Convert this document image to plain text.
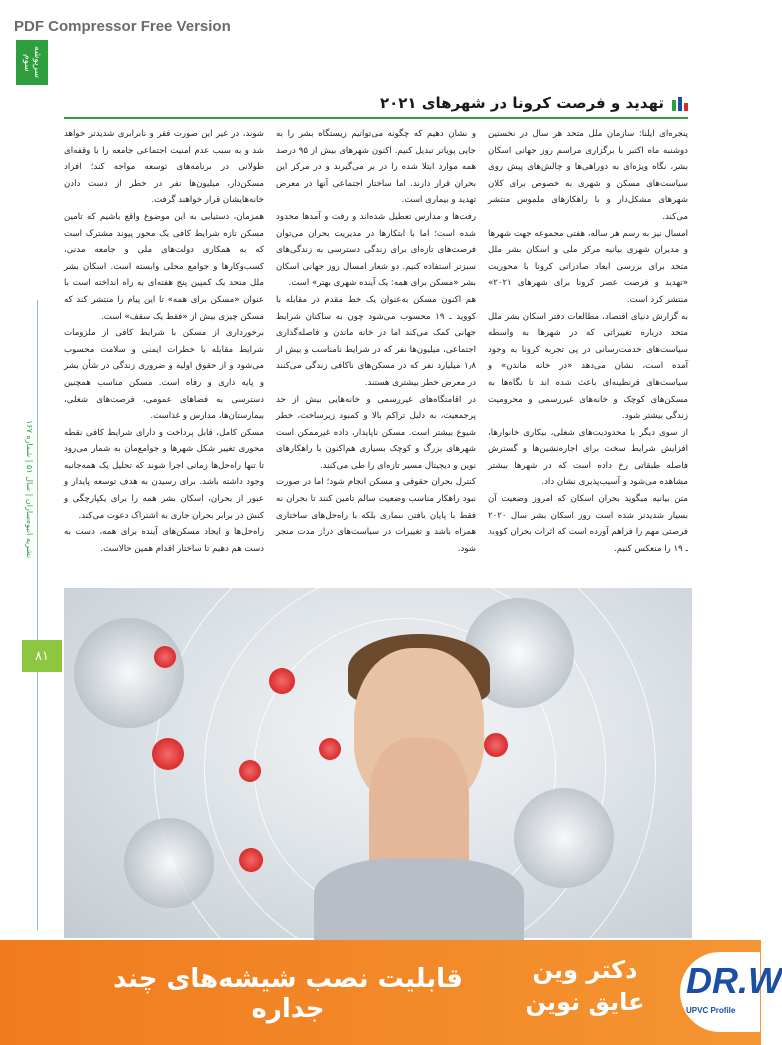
PDF Compressor Free Version
سرپوشه سوم
نشریه انبوه‌سازان | سال ۵۱ | شماره ۱۶۷
۸۱
تهدید و فرصت کرونا در شهرهای ۲۰۲۱

پنجره‌ای ایلنا: سازمان ملل متحد هر سال در نخستین دوشنبه ماه اکتبر با برگزاری مراسم روز جهانی اسکان بشر، نگاه ویژه‌ای به دوراهی‌ها و چالش‌های پیش روی سیاست‌های مسکن و شهری به خصوص برای کلان شهرهای مشکل‌دار و با راهکارهای ملموس منتشر می‌کند.

امسال نیز به رسم هر ساله، هفتی مجموعه جهت شهرها و مدیران شهری بیانیه مرکز ملی و اسکان بشر ملل متحد برای بررسی ابعاد صادراتی کرونا با محوریت «تهدید و فرصت عصر کرونا برای شهرهای ۲۰۲۱» منتشر کرد است.

به گزارش دنیای اقتصاد، مطالعات دفتر اسکان بشر ملل متحد درباره تغییراتی که در شهرها به واسطه سیاست‌های خدمت‌رسانی در پی تجربه کرونا به وجود آمده است، نشان می‌دهد «در خانه ماندن» و سیاست‌های قرنطینه‌ای باعث شده اند تا نگاه‌ها به مسکن‌های کوچک و خانه‌های غیررسمی و محرومیت زندگی بیشتر شود.

از سوی دیگر با محدودیت‌های شغلی، بیکاری خانوارها، افزایش شرایط سخت برای اجاره‌نشین‌ها و گسترش فاصله طبقاتی رخ داده است که در شهرها بیشتر مشاهده می‌شود و آسیب‌پذیری نشان داد.

متن بیانیه میگوید بحران اسکان که امروز وضعیت آن بسیار شدیدتر شده است روز اسکان بشر سال ۲۰۲۰ فرصتی مهم را فراهم آورده است که اثرات بحران کووید ـ ۱۹ را منعکس کنیم.

و نشان دهیم که چگونه می‌توانیم زیستگاه بشر را به جایی پویاتر تبدیل کنیم. اکنون شهرهای بیش از ۹۵ درصد همه موارد ابتلا شده را در بر می‌گیرند و در مرکز این بحران قرار دارند. اما ساختار اجتماعی آنها در معرض تهدید و بیماری است.

رفت‌ها و مدارس تعطیل شده‌اند و رفت و آمدها محدود شده است؛ اما با ابتکارها در مدیریت بحران می‌توان فرصت‌های تازه‌ای برای زندگی دسترسی به زندگی‌های سبزتر استفاده کنیم. دو شعار امسال روز جهانی اسکان بشر «مسکن برای همه: یک آینده شهری بهتر» است.

هم اکنون مسکن به‌عنوان یک خط مقدم در مقابله با کووید ـ ۱۹ محسوب می‌شود چون به ساکنان شرایط جهانی کمک می‌کند اما در خانه ماندن و فاصله‌گذاری اجتماعی، میلیون‌ها نفر که در شرایط نامناسب و بیش از ۱٫۸ میلیارد نفر که در مسکن‌های ناکافی زندگی می‌کنند در معرض خطر بیشتری هستند.

در اقامتگاه‌های غیررسمی و خانه‌هایی بیش از حد پرجمعیت، به دلیل تراکم بالا و کمبود زیرساخت، خطر شیوع بیشتر است. مسکن ناپایدار، داده غیرممکن است شهرهای بزرگ و کوچک بسیاری هم‌اکنون با راهکارهای نوین و دیجیتال مسیر تازه‌ای را طی می‌کنند.

کنترل بحران حقوقی و مسکن انجام شود؛ اما در صورت نبود راهکار مناسب وضعیت سالم تامین کنند تا بحران نه فقط با پایان یافتن بیماری بلکه با راه‌حل‌های ساختاری همراه باشد و تغییرات در سیاست‌های دراز مدت منجر شود.

شوند، در غیر این صورت فقر و نابرابری شدیدتر خواهد شد و به سبب عدم امنیت اجتماعی جامعه را با وقفه‌ای طولانی در برنامه‌های توسعه مواجه کند؛ افراد مسکن‌دار، میلیون‌ها نفر در خطر از دست دادن خانه‌هایشان قرار خواهند گرفت.

همزمان، دستیابی به این موضوع واقع باشیم که تامین مسکن تازه شرایط کافی یک محور پیوند مشترک است که به همکاری دولت‌های ملی و جامعه مدنی، کسب‌وکارها و جوامع محلی وابسته است. اسکان بشر ملل متحد یک کمپین پنج هفته‌ای به راه انداخته است با عنوان «مسکن برای همه» تا این پیام را منتشر کند که مسکن چیزی بیش از «فقط یک سقف» است.

برخورداری از مسکن با شرایط کافی از ملزومات شرایط مقابله با خطرات ایمنی و سلامت محسوب می‌شود و از حقوق اولیه و ضروری زندگی در شأن بشر و پایه داری و رفاه است. مسکن مناسب همچنین دسترسی به فضاهای عمومی، فرصت‌های شغلی، بیمارستان‌ها، مدارس و غذاست.

مسکن کامل، قابل پرداخت و دارای شرایط کافی نقطه محوری تغییر شکل شهرها و جوامع‌مان به شمار می‌رود تا تنها راه‌حل‌ها زمانی اجرا شوند که تحلیل یک همه‌جانبه وجود داشته باشد. برای رسیدن به هدف توسعه پایدار و عبور از بحران، اسکان بشر همه را برای یکپارچگی و کنش در برابر بحران جاری به اشتراک دعوت می‌کند.

راه‌حل‌ها و ایجاد مسکن‌های آینده برای همه، دست به دست هم دهیم تا ساختار اقدام همین حالاست.

قابلیت نصب شیشه‌های چند جداره
دکتر وین
عایق نوین
DR.W
UPVC Profile
